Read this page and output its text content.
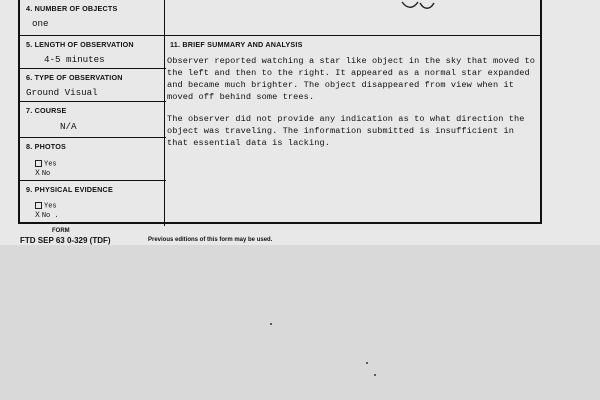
4. NUMBER OF OBJECTS
one
5. LENGTH OF OBSERVATION
4-5 minutes
6. TYPE OF OBSERVATION
Ground Visual
7. COURSE
N/A
8. PHOTOS
Yes
X No
9. PHYSICAL EVIDENCE
Yes
X No .
11. BRIEF SUMMARY AND ANALYSIS

Observer reported watching a star like object in the sky that moved to the left and then to the right. It appeared as a normal star expanded and became much brighter. The object disappeared from view when it moved off behind some trees.

The observer did not provide any indication as to what direction the object was traveling. The information submitted is insufficient in that essential data is lacking.

FORM
FTD SEP 63 0-329 (TDF)	Previous editions of this form may be used.
